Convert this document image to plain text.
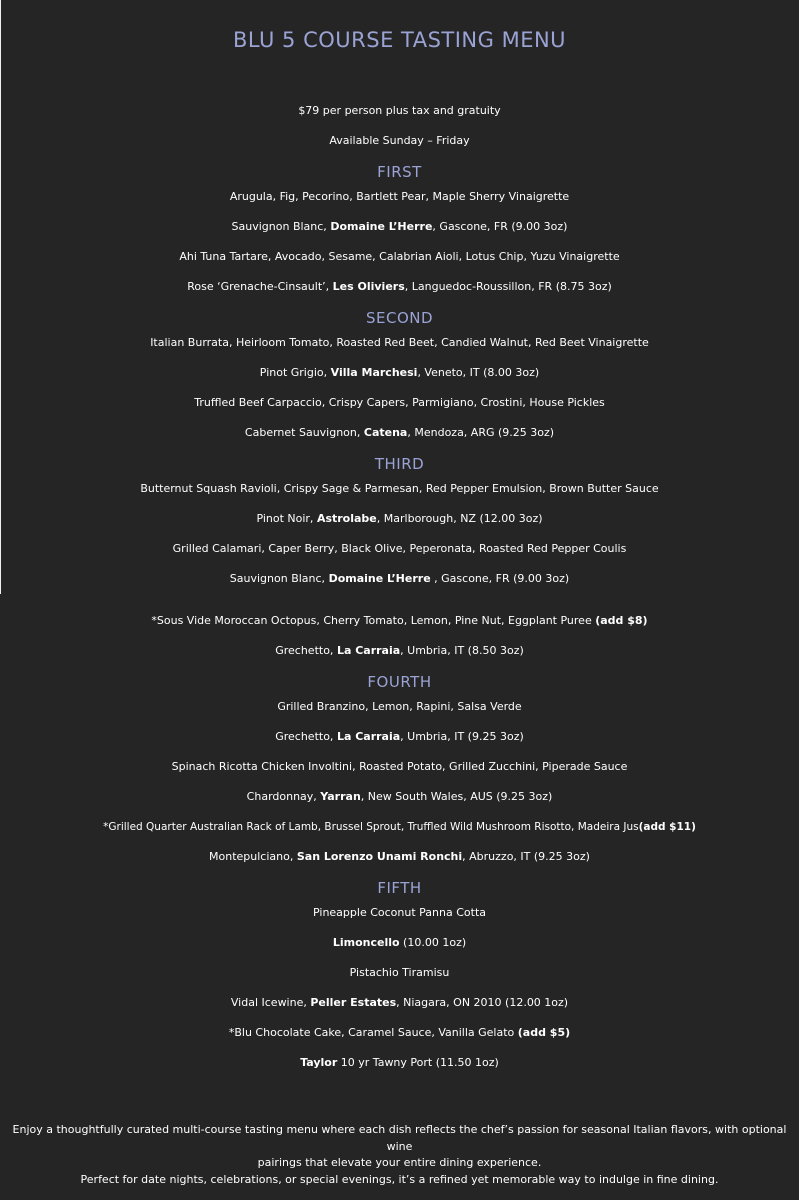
BLU 5 COURSE TASTING MENU
$79 per person plus tax and gratuity
Available Sunday – Friday
FIRST
Arugula, Fig, Pecorino, Bartlett Pear, Maple Sherry Vinaigrette
Sauvignon Blanc, Domaine L’Herre, Gascone, FR (9.00 3oz)
Ahi Tuna Tartare, Avocado, Sesame, Calabrian Aioli, Lotus Chip, Yuzu Vinaigrette
Rose ‘Grenache-Cinsault’, Les Oliviers, Languedoc-Roussillon, FR (8.75 3oz)
SECOND
Italian Burrata, Heirloom Tomato, Roasted Red Beet, Candied Walnut, Red Beet Vinaigrette
Pinot Grigio, Villa Marchesi, Veneto, IT (8.00 3oz)
Truffled Beef Carpaccio, Crispy Capers, Parmigiano, Crostini, House Pickles
Cabernet Sauvignon, Catena, Mendoza, ARG (9.25 3oz)
THIRD
Butternut Squash Ravioli, Crispy Sage & Parmesan, Red Pepper Emulsion, Brown Butter Sauce
Pinot Noir, Astrolabe, Marlborough, NZ (12.00 3oz)
Grilled Calamari, Caper Berry, Black Olive, Peperonata, Roasted Red Pepper Coulis
Sauvignon Blanc, Domaine L’Herre , Gascone, FR (9.00 3oz)
*Sous Vide Moroccan Octopus, Cherry Tomato, Lemon, Pine Nut, Eggplant Puree (add $8)
Grechetto, La Carraia, Umbria, IT (8.50 3oz)
FOURTH
Grilled Branzino, Lemon, Rapini, Salsa Verde
Grechetto, La Carraia, Umbria, IT (9.25 3oz)
Spinach Ricotta Chicken Involtini, Roasted Potato, Grilled Zucchini, Piperade Sauce
Chardonnay, Yarran, New South Wales, AUS (9.25 3oz)
*Grilled Quarter Australian Rack of Lamb, Brussel Sprout, Truffled Wild Mushroom Risotto, Madeira Jus(add $11)
Montepulciano, San Lorenzo Unami Ronchi, Abruzzo, IT (9.25 3oz)
FIFTH
Pineapple Coconut Panna Cotta
Limoncello (10.00 1oz)
Pistachio Tiramisu
Vidal Icewine, Peller Estates, Niagara, ON 2010 (12.00 1oz)
*Blu Chocolate Cake, Caramel Sauce, Vanilla Gelato (add $5)
Taylor 10 yr Tawny Port (11.50 1oz)
Enjoy a thoughtfully curated multi-course tasting menu where each dish reflects the chef’s passion for seasonal Italian flavors, with optional wine
pairings that elevate your entire dining experience.
Perfect for date nights, celebrations, or special evenings, it’s a refined yet memorable way to indulge in fine dining.
